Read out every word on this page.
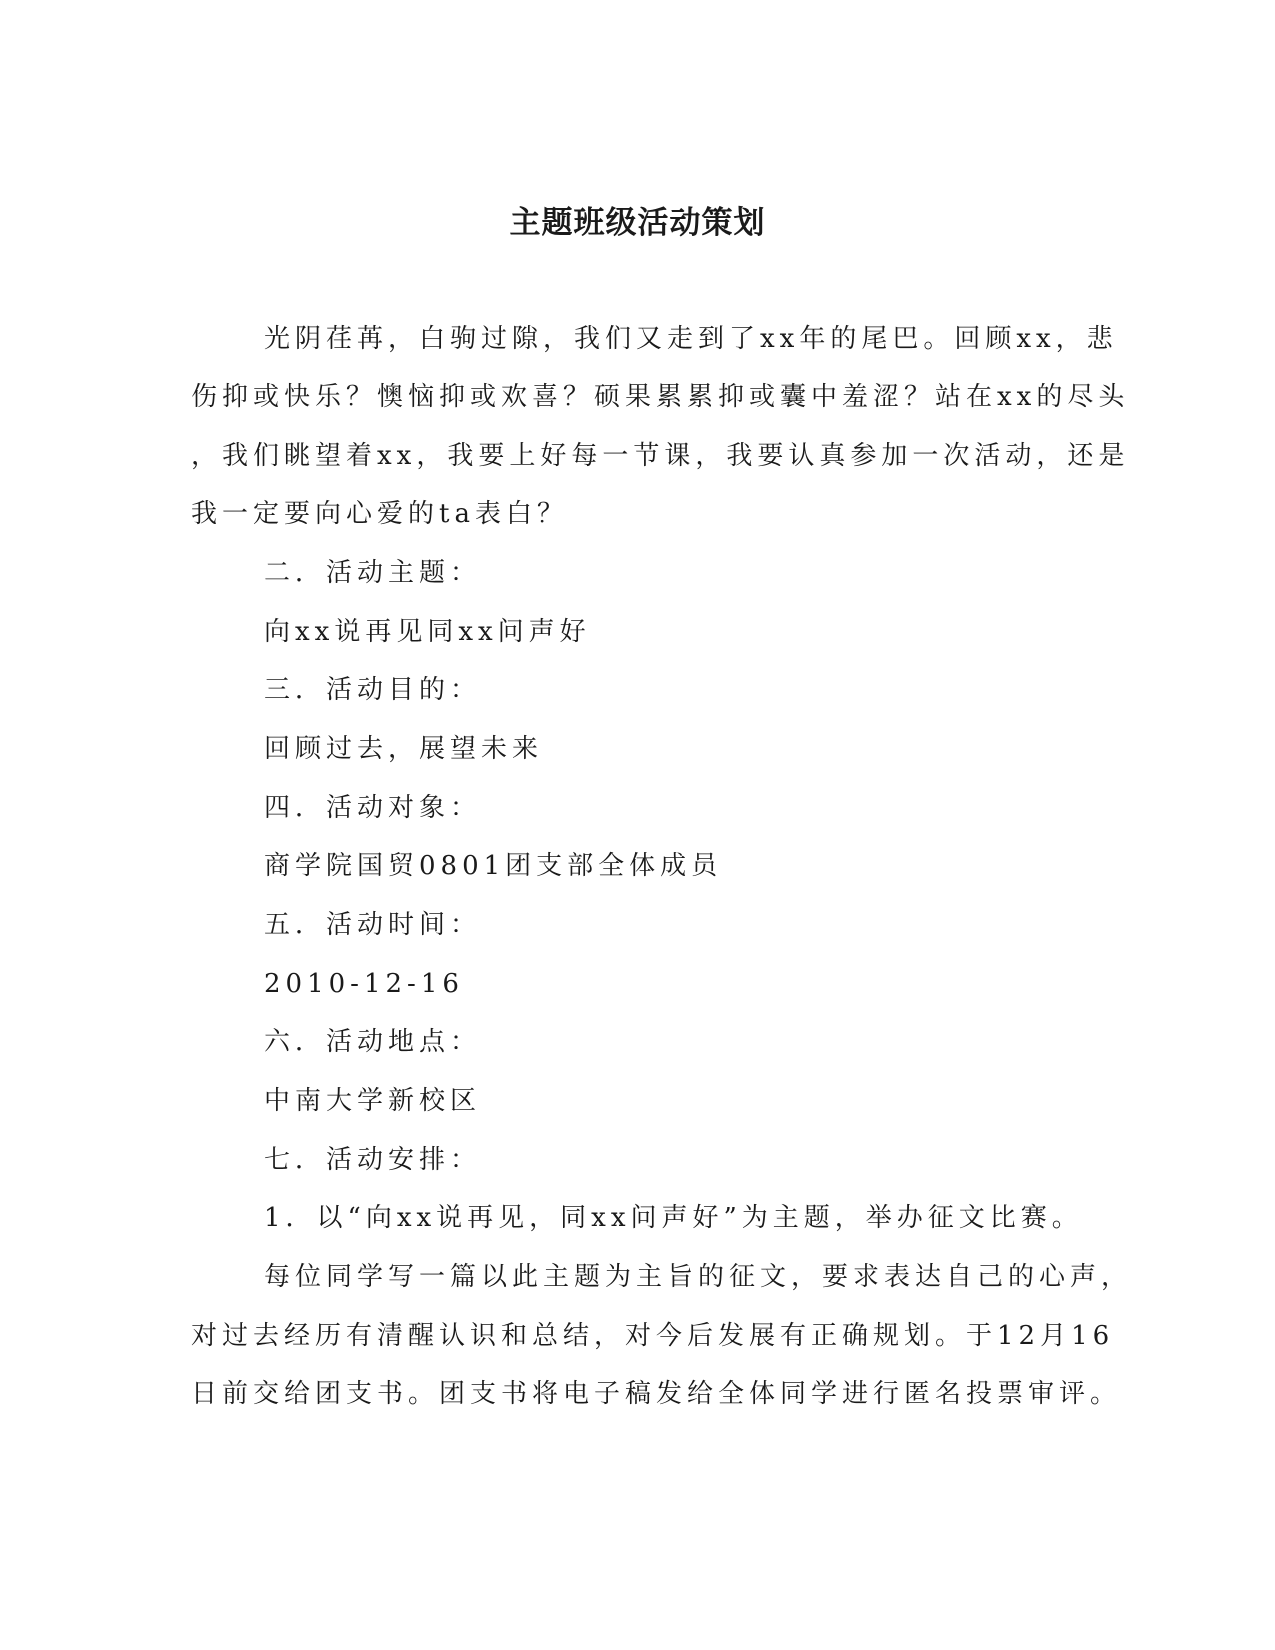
主题班级活动策划
光阴荏苒，白驹过隙，我们又走到了xx年的尾巴。回顾xx，悲
伤抑或快乐？懊恼抑或欢喜？硕果累累抑或囊中羞涩？站在xx的尽头
，我们眺望着xx，我要上好每一节课，我要认真参加一次活动，还是
我一定要向心爱的ta表白？
二．活动主题：
向xx说再见同xx问声好
三．活动目的：
回顾过去，展望未来
四．活动对象：
商学院国贸0801团支部全体成员
五．活动时间：
2010-12-16
六．活动地点：
中南大学新校区
七．活动安排：
1．以“向xx说再见，同xx问声好”为主题，举办征文比赛。
每位同学写一篇以此主题为主旨的征文，要求表达自己的心声，
对过去经历有清醒认识和总结，对今后发展有正确规划。于12月16
日前交给团支书。团支书将电子稿发给全体同学进行匿名投票审评。
